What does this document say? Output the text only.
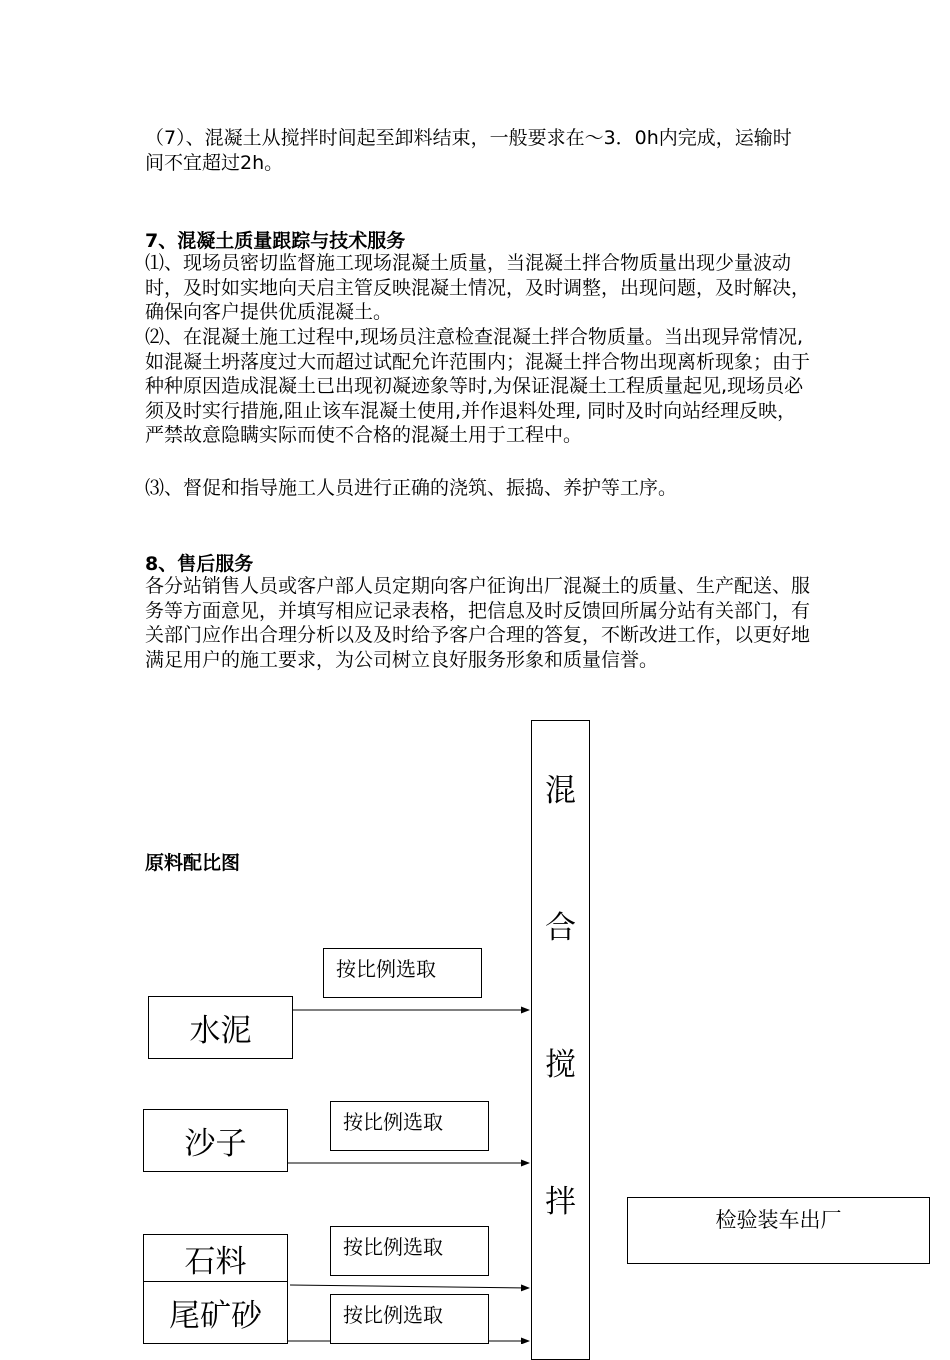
（7）、混凝土从搅拌时间起至卸料结束，一般要求在～3．0h内完成，运输时间不宜超过2h。

7、混凝土质量跟踪与技术服务

⑴、现场员密切监督施工现场混凝土质量，当混凝土拌合物质量出现少量波动时，及时如实地向天启主管反映混凝土情况，及时调整，出现问题，及时解决，确保向客户提供优质混凝土。

⑵、在混凝土施工过程中,现场员注意检查混凝土拌合物质量。当出现异常情况,如混凝土坍落度过大而超过试配允许范围内；混凝土拌合物出现离析现象；由于种种原因造成混凝土已出现初凝迹象等时,为保证混凝土工程质量起见,现场员必须及时实行措施,阻止该车混凝土使用,并作退料处理, 同时及时向站经理反映，严禁故意隐瞒实际而使不合格的混凝土用于工程中。

⑶、督促和指导施工人员进行正确的浇筑、振捣、养护等工序。

8、售后服务

各分站销售人员或客户部人员定期向客户征询出厂混凝土的质量、生产配送、服务等方面意见，并填写相应记录表格，把信息及时反馈回所属分站有关部门，有关部门应作出合理分析以及及时给予客户合理的答复，不断改进工作，以更好地满足用户的施工要求，为公司树立良好服务形象和质量信誉。

原料配比图
按比例选取
按比例选取
按比例选取
按比例选取
水泥
沙子
石料
尾矿砂
混
合
搅
拌	检验装车出厂
